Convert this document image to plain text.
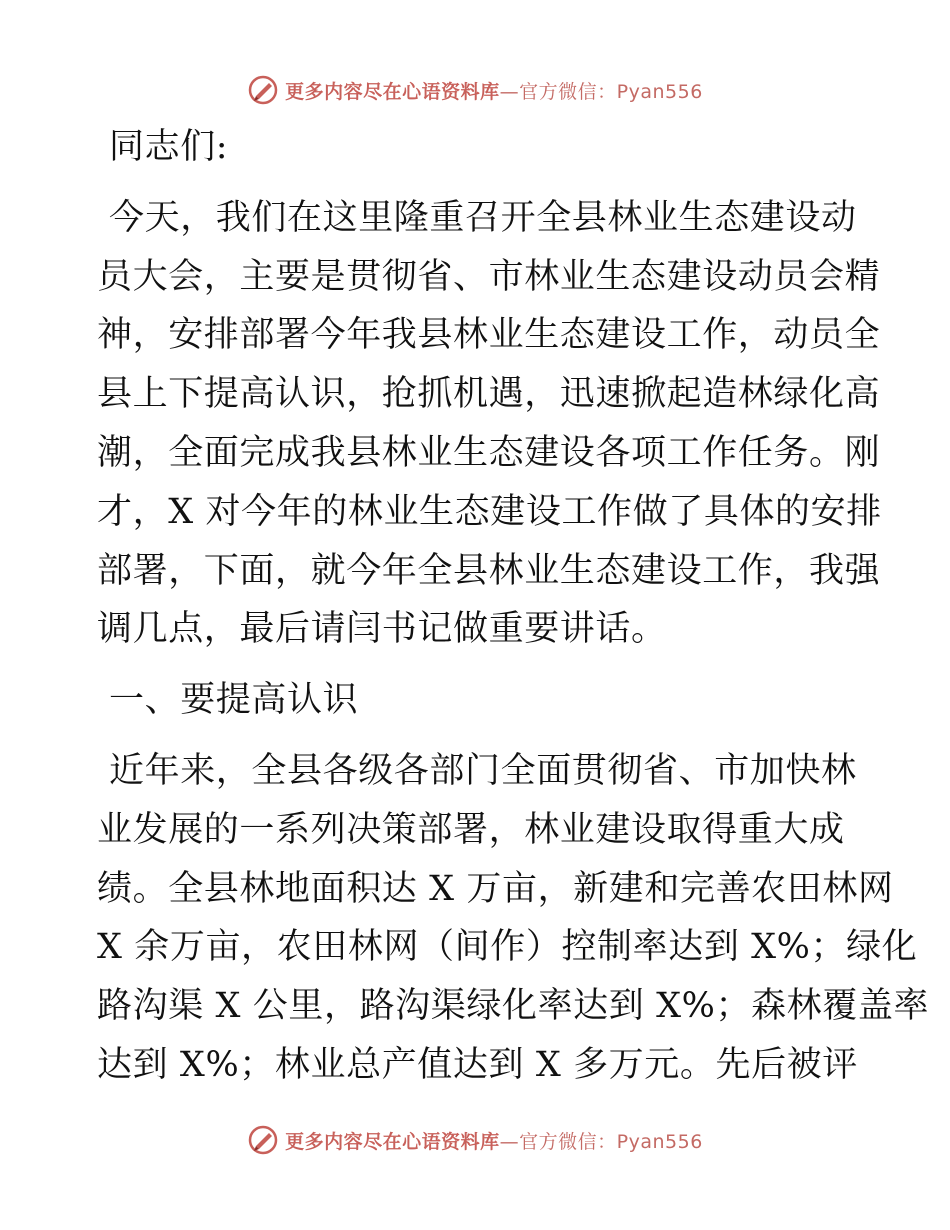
更多内容尽在心语资料库—官方微信：Pyan556
同志们:
今天，我们在这里隆重召开全县林业生态建设动
员大会，主要是贯彻省、市林业生态建设动员会精
神，安排部署今年我县林业生态建设工作，动员全
县上下提高认识，抢抓机遇，迅速掀起造林绿化高
潮，全面完成我县林业生态建设各项工作任务。刚
才，X 对今年的林业生态建设工作做了具体的安排
部署，下面，就今年全县林业生态建设工作，我强
调几点，最后请闫书记做重要讲话。
一、要提高认识
近年来，全县各级各部门全面贯彻省、市加快林
业发展的一系列决策部署，林业建设取得重大成
绩。全县林地面积达 X 万亩，新建和完善农田林网
X 余万亩，农田林网（间作）控制率达到 X%；绿化
路沟渠 X 公里，路沟渠绿化率达到 X%；森林覆盖率
达到 X%；林业总产值达到 X 多万元。先后被评
更多内容尽在心语资料库—官方微信：Pyan556
